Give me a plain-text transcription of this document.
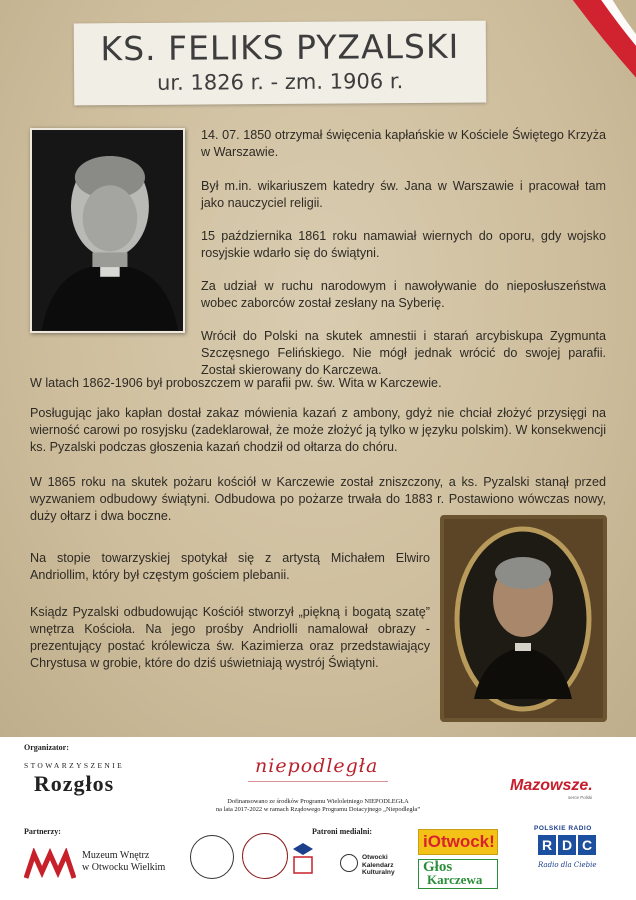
KS. FELIKS PYZALSKI
ur. 1826 r. - zm. 1906 r.

14. 07. 1850 otrzymał święcenia kapłańskie w Kościele Świętego Krzyża w Warszawie.

Był m.in. wikariuszem katedry św. Jana w Warszawie i pracował tam jako nauczyciel religii.

15 października 1861 roku namawiał wiernych do oporu, gdy wojsko rosyjskie wdarło się do świątyni.

Za udział w ruchu narodowym i nawoływanie do nieposłuszeństwa wobec zaborców został zesłany na Syberię.

Wrócił do Polski na skutek amnestii i starań arcybiskupa Zygmunta Szczęsnego Felińskiego. Nie mógł jednak wrócić do swojej parafii. Został skierowany do Karczewa.

W latach 1862-1906 był proboszczem w parafii pw. św. Wita w Karczewie.

Posługując jako kapłan dostał zakaz mówienia kazań z ambony, gdyż nie chciał złożyć przysięgi na wierność carowi po rosyjsku (zadeklarował, że może złożyć ją tylko w języku polskim). W konsekwencji ks. Pyzalski podczas głoszenia kazań chodził od ołtarza do chóru.

W 1865 roku na skutek pożaru kościół w Karczewie został zniszczony, a ks. Pyzalski stanął przed wyzwaniem odbudowy świątyni. Odbudowa po pożarze trwała do 1883 r. Postawiono wówczas nowy, duży ołtarz i dwa boczne.

Na stopie towarzyskiej spotykał się z artystą Michałem Elwiro Andriollim, który był częstym gościem plebanii.

Ksiądz Pyzalski odbudowując Kościół stworzył „piękną i bogatą szatę” wnętrza Kościoła. Na jego prośby Andriolli namalował obrazy - prezentujący postać królewicza św. Kazimierza oraz przedstawiający Chrystusa w grobie, które do dziś uświetniają wystrój Świątyni.

Organizator:
STOWARZYSZENIE
Rozgłos
niepodległa
Dofinansowano ze środków Programu Wieloletniego NIEPODLEGŁA
na lata 2017-2022 w ramach Rządowego Programu Dotacyjnego „Niepodległa”
Mazowsze.
serce Polski
Partnerzy:
Muzeum Wnętrz
w Otwocku Wielkim
Patroni medialni:
Otwocki
Kalendarz
Kulturalny
iOtwock!
Głos
Karczewa
POLSKIE RADIO
R D C
Radio dla Ciebie
